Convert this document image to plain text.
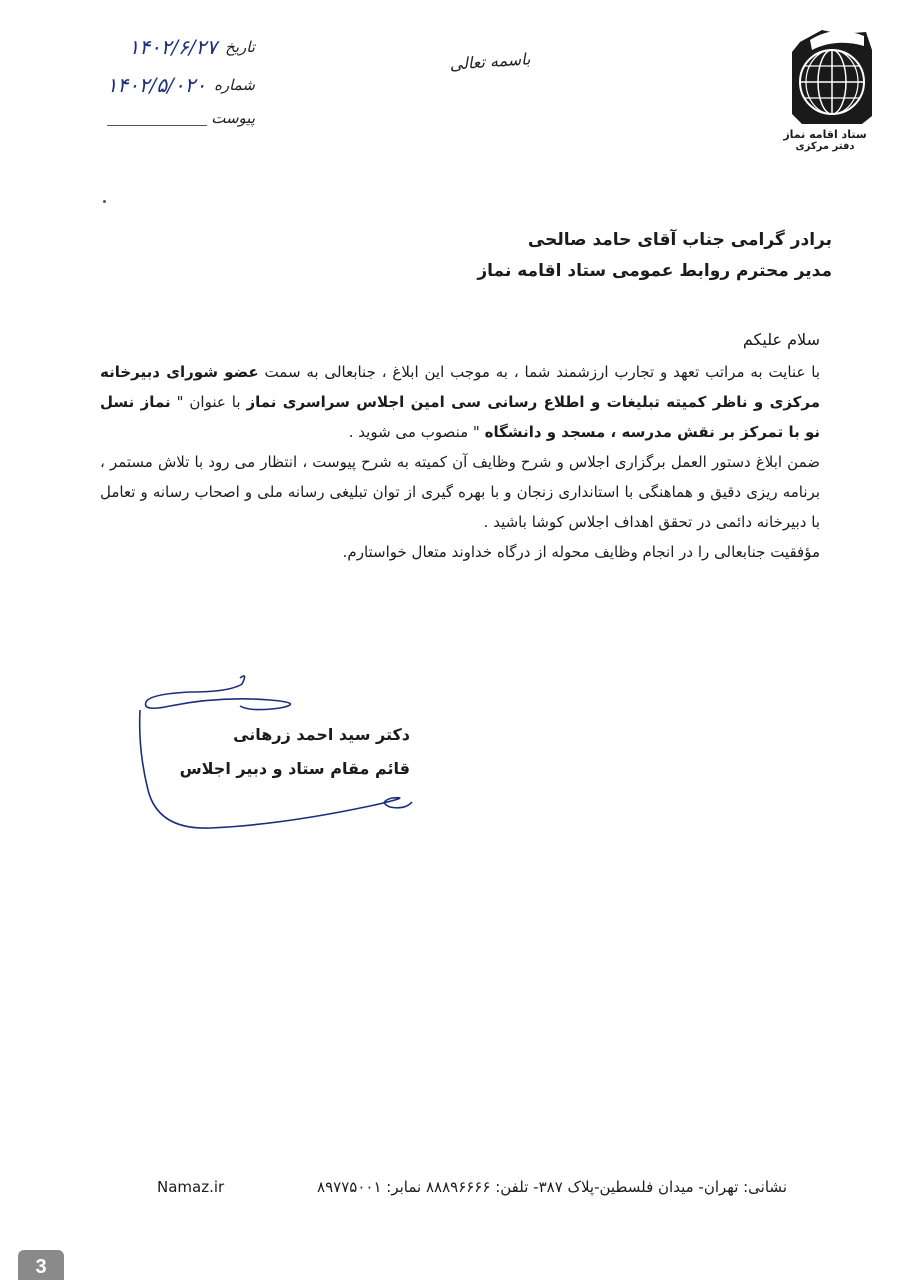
تاریخ
۱۴۰۲/۶/۲۷
شماره
۱۴۰۲/۵/۰۲۰
پیوست
باسمه تعالی
ستاد اقامه نماز
دفتر مرکزی
برادر گرامی جناب آقای حامد صالحی
مدیر محترم روابط عمومی ستاد اقامه نماز

سلام علیکم

با عنایت به مراتب تعهد و تجارب ارزشمند شما ، به موجب این ابلاغ ، جنابعالی به سمت عضو شورای دبیرخانه مرکزی و ناظر کمیته تبلیغات و اطلاع رسانی سی امین اجلاس سراسری نماز با عنوان " نماز نسل نو با تمرکز بر نقش مدرسه ، مسجد و دانشگاه " منصوب می شوید .

ضمن ابلاغ دستور العمل برگزاری اجلاس و شرح وظایف آن کمیته به شرح پیوست ، انتظار می رود با تلاش مستمر ، برنامه ریزی دقیق و هماهنگی با استانداری زنجان و با بهره گیری از توان تبلیغی رسانه ملی و اصحاب رسانه و تعامل با دبیرخانه دائمی در تحقق اهداف اجلاس کوشا باشید .

مؤفقیت جنابعالی را در انجام وظایف محوله از درگاه خداوند متعال خواستارم.

دکتر سید احمد زرهانی
قائم مقام ستاد و دبیر اجلاس
نشانی: تهران- میدان فلسطین-پلاک ۳۸۷- تلفن: ۸۸۸۹۶۶۶۶ نمابر: ۸۹۷۷۵۰۰۱
Namaz.ir
3
